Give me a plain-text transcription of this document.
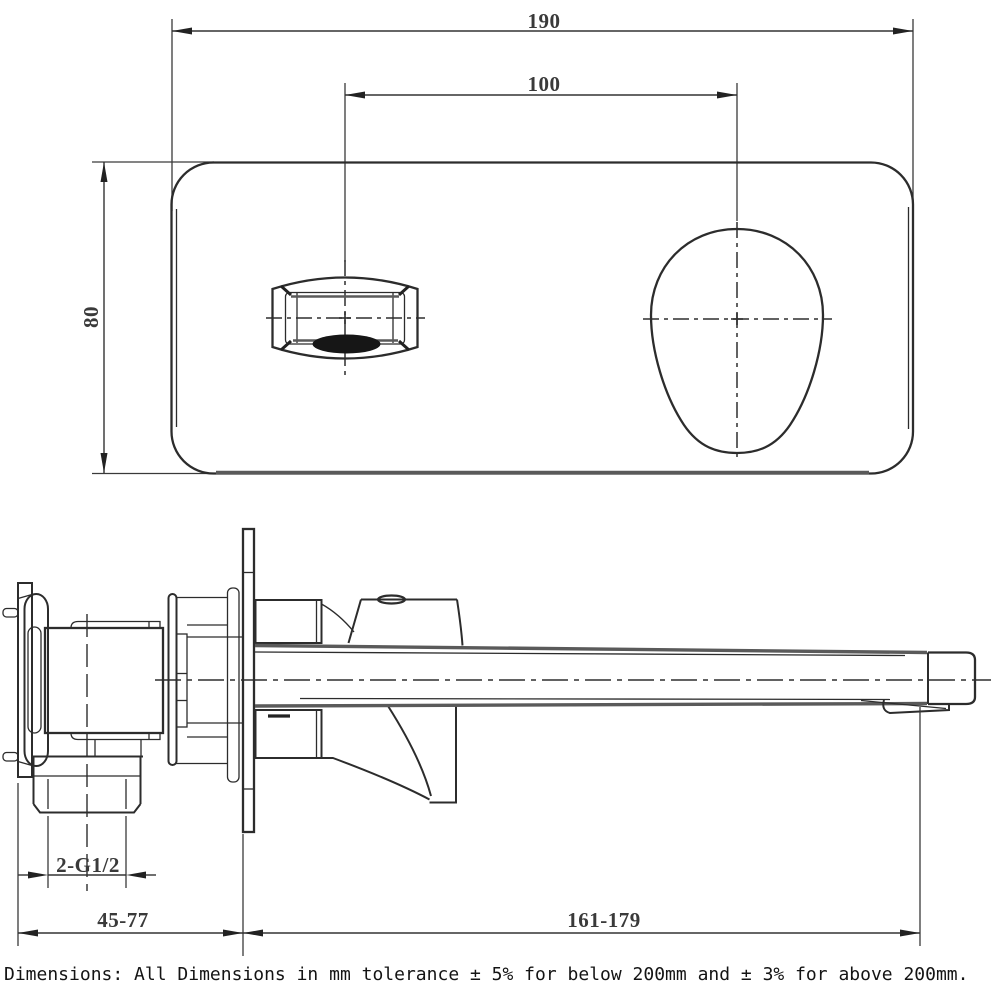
190
100
80
2-G1/2
45-77	161-179
Dimensions: All Dimensions in mm tolerance ± 5% for below 200mm and ± 3% for above 200mm.
